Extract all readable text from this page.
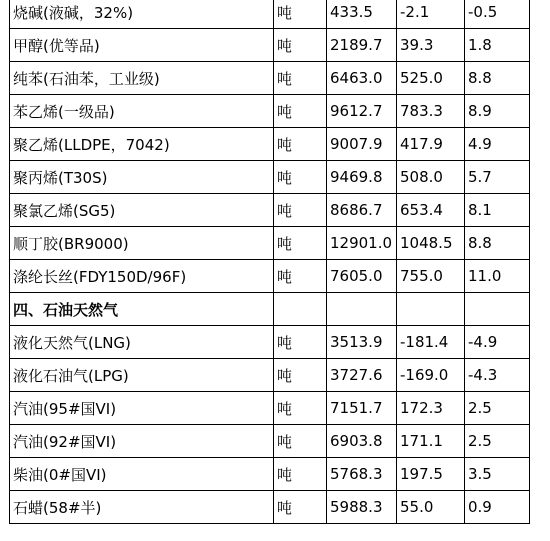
烧碱(液碱，32%)	吨	433.5	-2.1	-0.5
甲醇(优等品)	吨	2189.7	39.3	1.8
纯苯(石油苯，工业级)	吨	6463.0	525.0	8.8
苯乙烯(一级品)	吨	9612.7	783.3	8.9
聚乙烯(LLDPE，7042)	吨	9007.9	417.9	4.9
聚丙烯(T30S)	吨	9469.8	508.0	5.7
聚氯乙烯(SG5)	吨	8686.7	653.4	8.1
顺丁胶(BR9000)	吨	12901.0	1048.5	8.8
涤纶长丝(FDY150D/96F)	吨	7605.0	755.0	11.0
四、石油天然气				
液化天然气(LNG)	吨	3513.9	-181.4	-4.9
液化石油气(LPG)	吨	3727.6	-169.0	-4.3
汽油(95#国VI)	吨	7151.7	172.3	2.5
汽油(92#国VI)	吨	6903.8	171.1	2.5
柴油(0#国VI)	吨	5768.3	197.5	3.5
石蜡(58#半)	吨	5988.3	55.0	0.9
